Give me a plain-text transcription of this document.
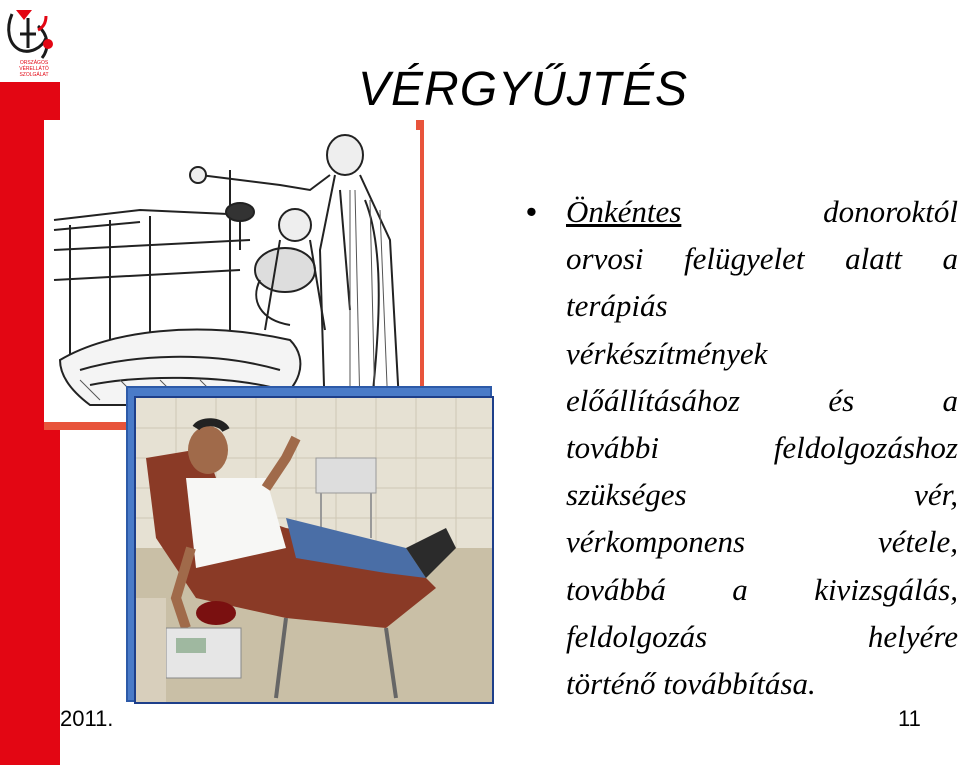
ORSZÁGOS
VÉRELLÁTÓ
SZOLGÁLAT	VÉRGYŰJTÉS
• Önkéntes	donoroktól
orvosi felügyelet alatt a
terápiás
vérkészítmények
előállításához	és	a
további	feldolgozáshoz
szükséges	vér,
vérkomponens	vétele,
továbbá a kivizsgálás,
feldolgozás	helyére
történő továbbítása.
2011.	11
